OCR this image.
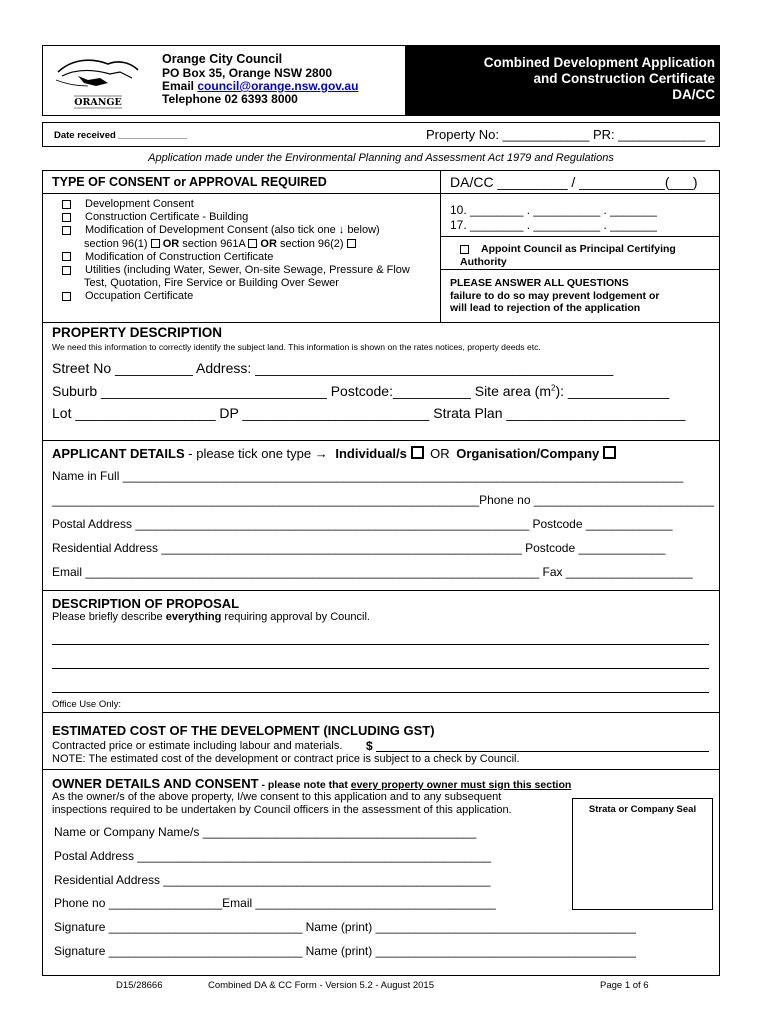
ORANGE
Orange City Council
PO Box 35, Orange NSW 2800
Email council@orange.nsw.gov.au
Telephone 02 6393 8000
Combined Development Application
and Construction Certificate
DA/CC
Date received _____________	Property No: ____________ PR: ____________
Application made under the Environmental Planning and Assessment Act 1979 and Regulations
TYPE OF CONSENT or APPROVAL REQUIRED	DA/CC _________ / ___________(___)
Development Consent
Construction Certificate - Building
Modification of Development Consent (also tick one ↓ below)
section 96(1) OR section 961A OR section 96(2)
Modification of Construction Certificate
Utilities (including Water, Sewer, On-site Sewage, Pressure & Flow
Test, Quotation, Fire Service or Building Over Sewer
Occupation Certificate
10. ________ . __________ . _______
17. ________ . __________ . _______
Appoint Council as Principal Certifying Authority
PLEASE ANSWER ALL QUESTIONS
failure to do so may prevent lodgement or
will lead to rejection of the application
PROPERTY DESCRIPTION
We need this information to correctly identify the subject land. This information is shown on the rates notices, property deeds etc.
Street No __________ Address: ______________________________________________
Suburb _____________________________ Postcode:__________ Site area $(m^2)$: _____________
Lot __________________ DP ________________________ Strata Plan _______________________
APPLICANT DETAILS - please tick one type → Individual/s OR Organisation/Company
Name in Full ____________________________________________________________________________________
________________________________________________________________Phone no ___________________________
Postal Address ___________________________________________________________ Postcode _____________
Residential Address ______________________________________________________ Postcode _____________
Email ____________________________________________________________________ Fax ___________________
DESCRIPTION OF PROPOSAL
Please briefly describe everything requiring approval by Council.
Office Use Only:
ESTIMATED COST OF THE DEVELOPMENT (INCLUDING GST)
Contracted price or estimate including labour and materials. $
NOTE: The estimated cost of the development or contract price is subject to a check by Council.
OWNER DETAILS AND CONSENT - please note that every property owner must sign this section
As the owner/s of the above property, I/we consent to this application and to any subsequent
inspections required to be undertaken by Council officers in the assessment of this application.	Strata or Company Seal
Name or Company Name/s _________________________________________
Postal Address _____________________________________________________
Residential Address _________________________________________________
Phone no _________________Email ____________________________________
Signature _____________________________ Name (print) _______________________________________
Signature _____________________________ Name (print) _______________________________________
D15/28666	Combined DA & CC Form - Version 5.2 - August 2015	Page 1 of 6
